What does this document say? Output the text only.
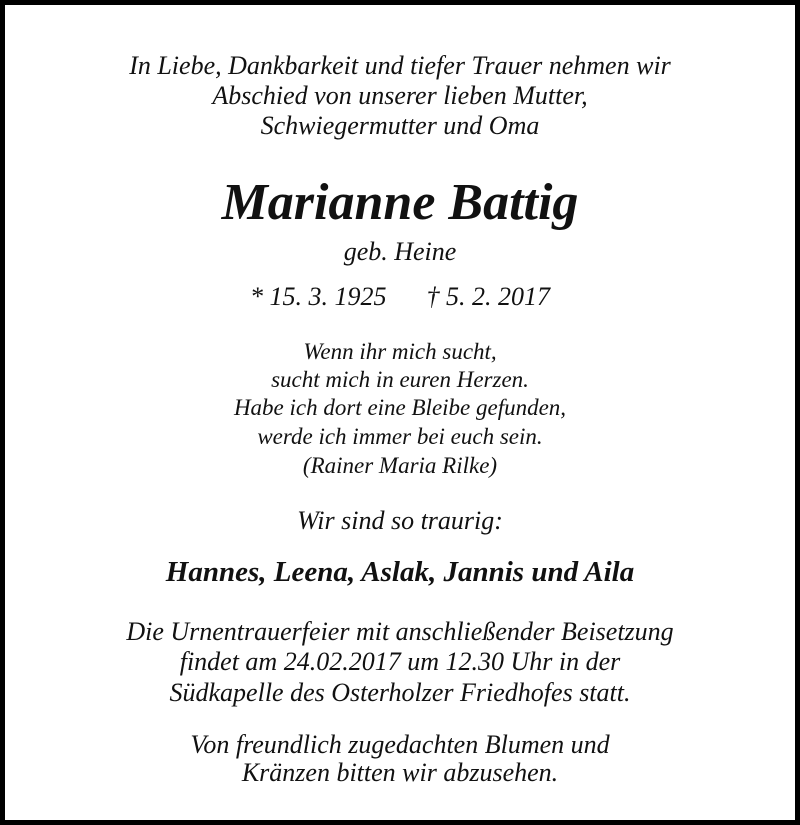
In Liebe, Dankbarkeit und tiefer Trauer nehmen wir
Abschied von unserer lieben Mutter,
Schwiegermutter und Oma
Marianne Battig
geb. Heine
* 15. 3. 1925 † 5. 2. 2017
Wenn ihr mich sucht,
sucht mich in euren Herzen.
Habe ich dort eine Bleibe gefunden,
werde ich immer bei euch sein.
(Rainer Maria Rilke)
Wir sind so traurig:
Hannes, Leena, Aslak, Jannis und Aila
Die Urnentrauerfeier mit anschließender Beisetzung
findet am 24.02.2017 um 12.30 Uhr in der
Südkapelle des Osterholzer Friedhofes statt.
Von freundlich zugedachten Blumen und
Kränzen bitten wir abzusehen.
